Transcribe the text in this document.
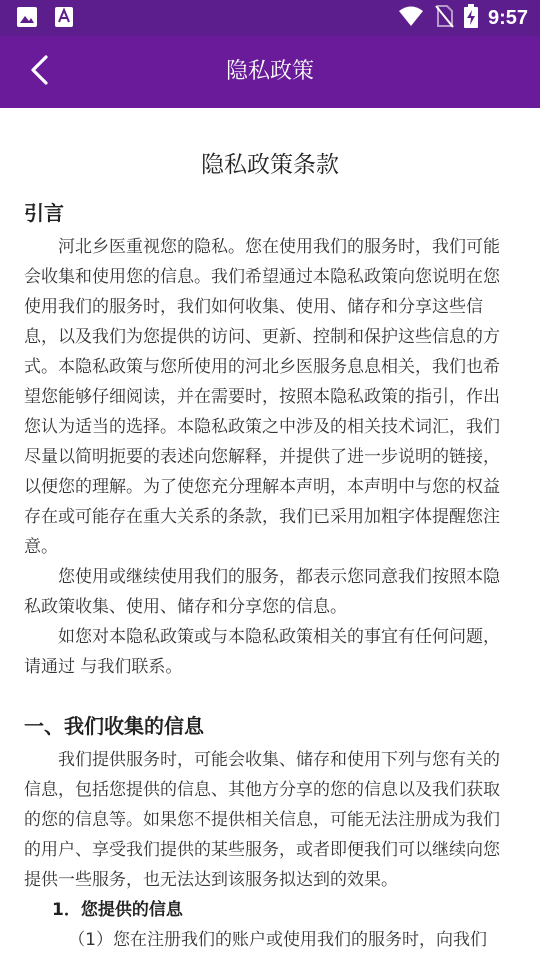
9:57
隐私政策
隐私政策条款
引言

河北乡医重视您的隐私。您在使用我们的服务时，我们可能会收集和使用您的信息。我们希望通过本隐私政策向您说明在您使用我们的服务时，我们如何收集、使用、储存和分享这些信息，以及我们为您提供的访问、更新、控制和保护这些信息的方式。本隐私政策与您所使用的河北乡医服务息息相关，我们也希望您能够仔细阅读，并在需要时，按照本隐私政策的指引，作出您认为适当的选择。本隐私政策之中涉及的相关技术词汇，我们尽量以简明扼要的表述向您解释，并提供了进一步说明的链接，以便您的理解。为了使您充分理解本声明，本声明中与您的权益存在或可能存在重大关系的条款，我们已采用加粗字体提醒您注意。

您使用或继续使用我们的服务，都表示您同意我们按照本隐私政策收集、使用、储存和分享您的信息。

如您对本隐私政策或与本隐私政策相关的事宜有任何问题，请通过 与我们联系。

一、我们收集的信息

我们提供服务时，可能会收集、储存和使用下列与您有关的信息，包括您提供的信息、其他方分享的您的信息以及我们获取的您的信息等。如果您不提供相关信息，可能无法注册成为我们的用户、享受我们提供的某些服务，或者即便我们可以继续向您提供一些服务，也无法达到该服务拟达到的效果。

1．您提供的信息

（1）您在注册我们的账户或使用我们的服务时，向我们
